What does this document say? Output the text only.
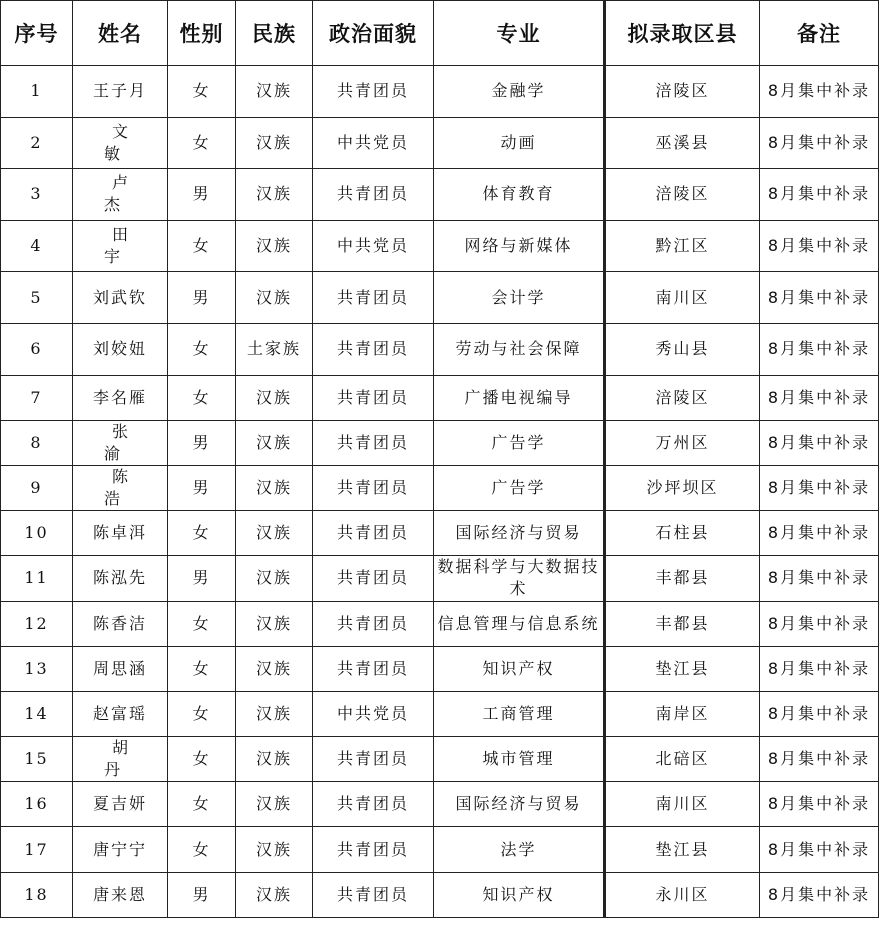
序号	姓名	性别	民族	政治面貌	专业	拟录取区县	备注
1	王子月	女	汉族	共青团员	金融学	涪陵区	8月集中补录
2	文 敏	女	汉族	中共党员	动画	巫溪县	8月集中补录
3	卢 杰	男	汉族	共青团员	体育教育	涪陵区	8月集中补录
4	田 宇	女	汉族	中共党员	网络与新媒体	黔江区	8月集中补录
5	刘武钦	男	汉族	共青团员	会计学	南川区	8月集中补录
6	刘姣妞	女	土家族	共青团员	劳动与社会保障	秀山县	8月集中补录
7	李名雁	女	汉族	共青团员	广播电视编导	涪陵区	8月集中补录
8	张 渝	男	汉族	共青团员	广告学	万州区	8月集中补录
9	陈 浩	男	汉族	共青团员	广告学	沙坪坝区	8月集中补录
10	陈卓洱	女	汉族	共青团员	国际经济与贸易	石柱县	8月集中补录
11	陈泓先	男	汉族	共青团员	数据科学与大数据技术	丰都县	8月集中补录
12	陈香洁	女	汉族	共青团员	信息管理与信息系统	丰都县	8月集中补录
13	周思涵	女	汉族	共青团员	知识产权	垫江县	8月集中补录
14	赵富瑶	女	汉族	中共党员	工商管理	南岸区	8月集中补录
15	胡 丹	女	汉族	共青团员	城市管理	北碚区	8月集中补录
16	夏吉妍	女	汉族	共青团员	国际经济与贸易	南川区	8月集中补录
17	唐宁宁	女	汉族	共青团员	法学	垫江县	8月集中补录
18	唐来恩	男	汉族	共青团员	知识产权	永川区	8月集中补录
